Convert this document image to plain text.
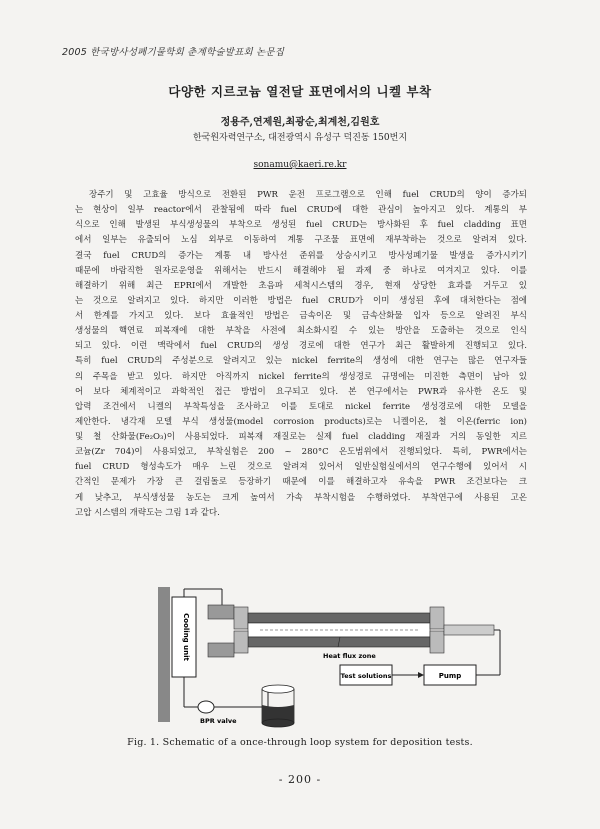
2005 한국방사성폐기물학회 춘계학술발표회 논문집
다양한 지르코늄 열전달 표면에서의 니켈 부착
정용주,연제원,최광순,최계천,김원호
한국원자력연구소, 대전광역시 유성구 덕진동 150번지
sonamu@kaeri.re.kr
장주기 및 고효율 방식으로 전환된 PWR 운전 프로그램으로 인해 fuel CRUD의 양이 증가되
는 현상이 일부 reactor에서 관찰됨에 따라 fuel CRUD에 대한 관심이 높아지고 있다. 계통의 부
식으로 인해 발생된 부식생성물의 부착으로 생성된 fuel CRUD는 방사화된 후 fuel cladding 표면
에서 일부는 유출되어 노심 외부로 이동하여 계통 구조물 표면에 재부착하는 것으로 알려져 있다.
결국 fuel CRUD의 증가는 계통 내 방사선 준위를 상승시키고 방사성폐기물 발생을 증가시키기
때문에 바람직한 원자로운영을 위해서는 반드시 해결해야 될 과제 중 하나로 여겨지고 있다. 이를
해결하기 위해 최근 EPRI에서 개발한 초음파 세척시스템의 경우, 현재 상당한 효과를 거두고 있
는 것으로 알려지고 있다. 하지만 이러한 방법은 fuel CRUD가 이미 생성된 후에 대처한다는 점에
서 한계를 가지고 있다. 보다 효율적인 방법은 금속이온 및 금속산화물 입자 등으로 알려진 부식
생성물의 핵연료 피복재에 대한 부착을 사전에 최소화시킬 수 있는 방안을 도출하는 것으로 인식
되고 있다. 이런 맥락에서 fuel CRUD의 생성 경로에 대한 연구가 최근 활발하게 진행되고 있다.
특히 fuel CRUD의 주성분으로 알려지고 있는 nickel ferrite의 생성에 대한 연구는 많은 연구자들
의 주목을 받고 있다. 하지만 아직까지 nickel ferrite의 생성경로 규명에는 미진한 측면이 남아 있
어 보다 체계적이고 과학적인 접근 방법이 요구되고 있다. 본 연구에서는 PWR과 유사한 온도 및
압력 조건에서 니켈의 부착특성을 조사하고 이를 토대로 nickel ferrite 생성경로에 대한 모델을
제안한다. 냉각재 모델 부식 생성물(model corrosion products)로는 니켈이온, 철 이온(ferric ion)
및 철 산화물(Fe₂O₃)이 사용되었다. 피복재 재질로는 실제 fuel cladding 재질과 거의 동일한 지르
코늄(Zr 704)이 사용되었고, 부착실험은 200 ~ 280°C 온도범위에서 진행되었다. 특히, PWR에서는
fuel CRUD 형성속도가 매우 느린 것으로 알려져 있어서 일반실험실에서의 연구수행에 있어서 시
간적인 문제가 가장 큰 걸림돌로 등장하기 때문에 이를 해결하고자 유속을 PWR 조건보다는 크
게 낮추고, 부식생성물 농도는 크게 높여서 가속 부착시험을 수행하였다. 부착연구에 사용된 고온
고압 시스템의 개략도는 그림 1과 같다.
Cooling unit	Heat flux zone
Test solutions	Pump
BPR valve
Fig. 1. Schematic of a once-through loop system for deposition tests.
- 200 -
